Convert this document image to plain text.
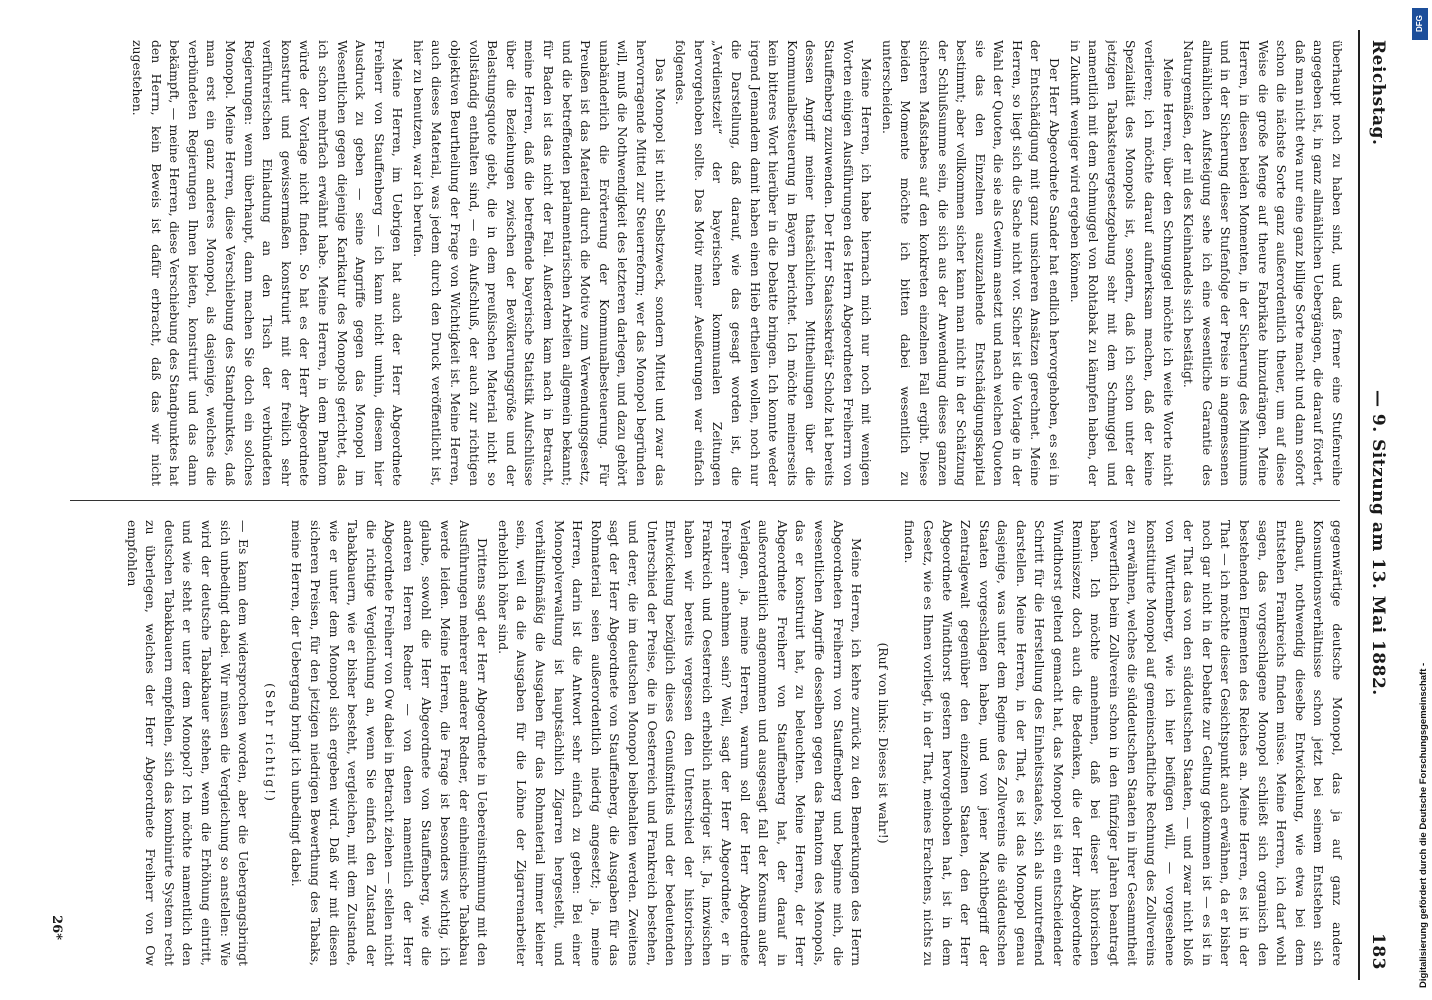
Reichstag.
— 9. Sitzung am 13. Mai 1882.
183

überhaupt noch zu haben sind, und daß ferner eine Stufenreihe angegeben ist, in ganz allmählichen Uebergängen, die darauf fördert, daß man nicht etwa nur eine ganz billige Sorte macht und dann sofort schon die nächste Sorte ganz außerordentlich theuer, um auf diese Weise die große Menge auf theure Fabrikate hinzudrängen. Meine Herren, in diesen beiden Momenten, in der Sicherung des Minimums und in der Sicherung dieser Stufenfolge der Preise in angemessenen allmählichen Aufsteigung sehe ich eine wesentliche Garantie des Naturgemäßen, der nil des Kleinhandels sich bestätigt.

Meine Herren, über den Schmuggel möchte ich weite Worte nicht verlieren; ich möchte darauf aufmerksam machen, daß der keine Spezialität des Monopols ist, sondern, daß ich schon unter der jetzigen Tabaksteuergesetzgebung sehr mit dem Schmuggel und namentlich mit dem Schmuggel von Rohtabak zu kämpfen haben, der in Zukunft weniger wird ergeben können.

Der Herr Abgeordnete Sander hat endlich hervorgehoben, es sei in der Entschädigung mit ganz unsicheren Ansätzen gerechnet. Meine Herren, so liegt sich die Sache nicht vor. Sicher ist die Vorlage in der Wahl der Quoten, die sie als Gewinn ansetzt und nach welchen Quoten sie das den Einzelnen auszuzahlende Entschädigungskapital bestimmt; aber vollkommen sicher kann man nicht in der Schätzung der Schlußsumme sein, die sich aus der Anwendung dieses ganzen sicheren Maßstabes auf den konkreten einzelnen Fall ergibt. Diese beiden Momente möchte ich bitten dabei wesentlich zu unterscheiden.

Meine Herren, ich habe hiernach mich nur noch mit wenigen Worten einigen Ausführungen des Herrn Abgeordneten Freiherrn von Stauffenberg zuzuwenden. Der Herr Staatssekretär Scholz hat bereits dessen Angriff meiner thatsächlichen Mittheilungen über die Kommunalbesteuerung in Bayern berichtet. Ich möchte meinerseits kein bitteres Wort hierüber in die Debatte bringen. Ich konnte weder irgend Jemandem damit haben einen Hieb ertheilen wollen, noch nur die Darstellung, daß darauf, wie das gesagt worden ist, die „Verdienstzeit“ der bayerischen kommunalen Zeitungen hervorgehoben sollte. Das Motiv meiner Aeußerungen war einfach folgendes.

Das Monopol ist nicht Selbstzweck, sondern Mittel und zwar das hervorragende Mittel zur Steuerreform; wer das Monopol begründen will, muß die Nothwendigkeit des letzteren darlegen, und dazu gehört unabänderlich die Erörterung der Kommunalbesteuerung. Für Preußen ist das Material durch die Motive zum Verwendungsgesetz, und die betreffenden parlamentarischen Arbeiten allgemein bekannt; für Baden ist das nicht der Fall. Außerdem kam nach in Betracht, meine Herren, daß die betreffende bayerische Statistik Aufschlüsse über die Beziehungen zwischen der Bevölkerungsgröße und der Belastungsquote giebt, die in dem preußischen Material nicht so vollständig enthalten sind, — ein Aufschluß, der auch zur richtigen objektiven Beurtheilung der Frage von Wichtigkeit ist. Meine Herren, auch dieses Material, was jedem durch den Druck veröffentlicht ist, hier zu benutzen, war ich berufen.

Meine Herren, im Uebrigen hat auch der Herr Abgeordnete Freiherr von Stauffenberg — ich kann nicht umhin, diesem hier Ausdruck zu geben — seine Angriffe gegen das Monopol im Wesentlichen gegen diejenige Karikatur des Monopols gerichtet, das ich schon mehrfach erwähnt habe. Meine Herren, in dem Phantom würde der Vorlage nicht finden. So hat es der Herr Abgeordnete konstruirt und gewissermaßen konstruirt mit der freilich sehr verführerischen Einladung an den Tisch der verbündeten Regierungen: wenn überhaupt, dann machen Sie doch ein solches Monopol. Meine Herren, diese Verschiebung des Standpunktes, daß man erst ein ganz anderes Monopol, als dasjenige, welches die verbündeten Regierungen Ihnen bieten, konstruirt und das dann bekämpft, — meine Herren, diese Verschiebung des Standpunktes hat den Herrn, kein Beweis ist dafür erbracht, daß das wir nicht zugestehen.

gegenwärtige deutsche Monopol, das ja auf ganz andere Konsumtionsverhältnisse schon jetzt bei seinem Entstehen sich aufbaut, nothwendig dieselbe Entwickelung, wie etwa bei dem Entstehen Frankreichs finden müsse. Meine Herren, ich darf wohl sagen, das vorgeschlagene Monopol schließt sich organisch den bestehenden Elementen des Reiches an. Meine Herren, es ist in der That — ich möchte dieser Gesichtspunkt auch erwähnen, da er bisher noch gar nicht in der Debatte zur Geltung gekommen ist — es ist in der That das von den süddeutschen Staaten, — und zwar nicht bloß von Württemberg, wie ich hier beifügen will, — vorgesehene konstituirte Monopol auf gemeinschaftliche Rechnung des Zollvereins zu erwähnen, welches die süddeutschen Staaten in ihrer Gesammtheit verwerflich beim Zollverein schon in den fünfziger Jahren beantragt haben. Ich möchte annehmen, daß bei dieser historischen Reminiszenz doch auch die Bedenken, die der Herr Abgeordnete Windthorst geltend gemacht hat, das Monopol ist ein entscheidender Schritt für die Herstellung des Einheitsstaates, sich als unzutreffend darstellen. Meine Herren, in der That, es ist das Monopol genau dasjenige, was unter dem Regime des Zollvereins die süddeutschen Staaten vorgeschlagen haben, und von jener Machtbegriff der Zentralgewalt gegenüber den einzelnen Staaten, den der Herr Abgeordnete Windthorst gestern hervorgehoben hat, ist in dem Gesetz, wie es Ihnen vorliegt, in der That, meines Erachtens, nichts zu finden.

(Ruf von links: Dieses ist wahr!)

Meine Herren, ich kehre zurück zu den Bemerkungen des Herrn Abgeordneten Freiherrn von Stauffenberg und beginne mich, die wesentlichen Angriffe desselben gegen das Phantom des Monopols, das er konstruirt hat, zu beleuchten. Meine Herren, der Herr Abgeordnete Freiherr von Stauffenberg hat, der darauf in außerordentlich angenommen und ausgesagt fall der Konsum außer Verlagen, ja, meine Herren, warum soll der Herr Abgeordnete Freiherr annehmen sein? Weil, sagt der Herr Abgeordnete, er in Frankreich und Oesterreich erheblich niedriger ist. Ja, inzwischen haben wir bereits vergessen den Unterschied der historischen Entwickelung bezüglich dieses Genußmittels und der bedeutenden Unterschied der Preise, die in Oesterreich und Frankreich bestehen, und derer, die im deutschen Monopol beibehalten werden. Zweitens sagt der Herr Abgeordnete von Stauffenberg, die Ausgaben für das Rohmaterial seien außerordentlich niedrig angesetzt; ja, meine Herren, darin ist die Antwort sehr einfach zu geben: Bei einer Monopolverwaltung ist hauptsächlich Zigarren hergestellt, und verhältnißmäßig die Ausgaben für das Rohmaterial immer kleiner sein, weil da die Ausgaben für die Löhne der Zigarrenarbeiter erheblich höher sind.

Drittens sagt der Herr Abgeordnete in Uebereinstimmung mit den Ausführungen mehrerer anderer Redner, der einheimische Tabakbau werde leiden. Meine Herren, die Frage ist besonders wichtig, ich glaube, sowohl die Herr Abgeordnete von Stauffenberg, wie die anderen Herren Redner — von denen namentlich der Herr Abgeordnete Freiherr von Ow dabei in Betracht ziehen — stellen nicht die richtige Vergleichung an, wenn Sie einfach den Zustand der Tabakbauern, wie er bisher besteht, vergleichen, mit dem Zustande, wie er unter dem Monopol sich ergeben wird. Daß wir mit diesen sicheren Preisen, für den jetzigen niedrigen Bewerthung des Tabaks, meine Herren, der Uebergang bringt ich unbedingt dabei.

(Sehr richtig!)

— Es kann dem widersprochen worden, aber die Uebergangsbringt sich unbedingt dabei. Wir müssen die Vergleichung so anstellen: Wie wird der deutsche Tabakbauer stehen, wenn die Erhöhung eintritt, und wie steht er unter dem Monopol? Ich möchte namentlich den deutschen Tabakbauern empfehlen, sich das kombinirte System recht zu überlegen, welches der Herr Abgeordnete Freiherr von Ow empfohlen

26*	Digitalisierung gefördert durch die Deutsche Forschungsgemeinschaft -
DFG
